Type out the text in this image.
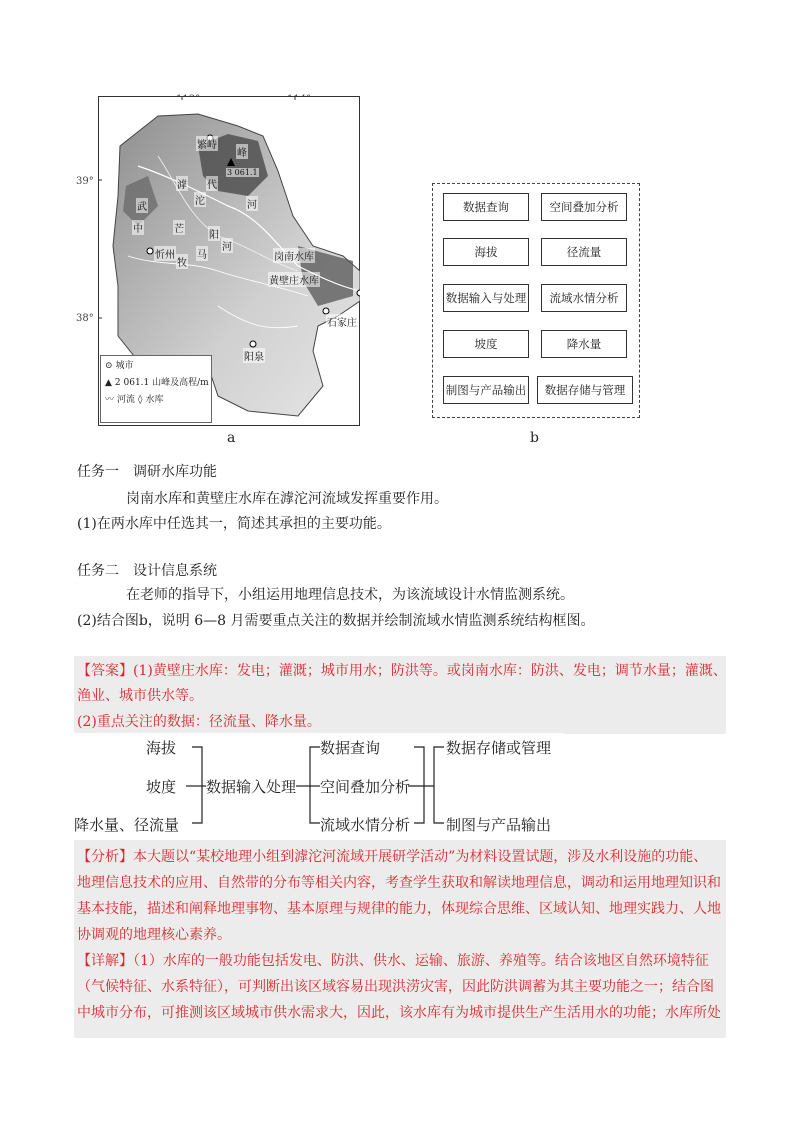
39°
38°
繁峙
峰
3 061.1
滹
沱	河
代
武
中	芒
阳
牧
马
河
忻州	岗南水库
黄壁庄水库
石家庄
阳泉
⊙ 城市
▲ 2 061.1 山峰及高程/m
〰 河流 ◊ 水库
a
数据查询	空间叠加分析
海拔	径流量
数据输入与处理	流域水情分析
坡度	降水量
制图与产品输出	数据存储与管理
b
任务一　调研水库功能
岗南水库和黄壁庄水库在滹沱河流域发挥重要作用。
(1)在两水库中任选其一，简述其承担的主要功能。
任务二　设计信息系统
在老师的指导下，小组运用地理信息技术，为该流域设计水情监测系统。
(2)结合图b，说明 6—8 月需要重点关注的数据并绘制流域水情监测系统结构框图。
【答案】(1)黄壁庄水库：发电；灌溉；城市用水；防洪等。或岗南水库：防洪、发电；调节水量；灌溉、
渔业、城市供水等。
(2)重点关注的数据：径流量、降水量。
海拔
坡度
降水量、径流量
数据输入处理
数据查询
空间叠加分析
流域水情分析
数据存储或管理
制图与产品输出
【分析】本大题以“某校地理小组到滹沱河流域开展研学活动”为材料设置试题，涉及水利设施的功能、
地理信息技术的应用、自然带的分布等相关内容，考查学生获取和解读地理信息，调动和运用地理知识和
基本技能，描述和阐释地理事物、基本原理与规律的能力，体现综合思维、区域认知、地理实践力、人地
协调观的地理核心素养。
【详解】（1）水库的一般功能包括发电、防洪、供水、运输、旅游、养殖等。结合该地区自然环境特征
（气候特征、水系特征），可判断出该区域容易出现洪涝灾害，因此防洪调蓄为其主要功能之一；结合图
中城市分布，可推测该区域城市供水需求大，因此，该水库有为城市提供生产生活用水的功能；水库所处
